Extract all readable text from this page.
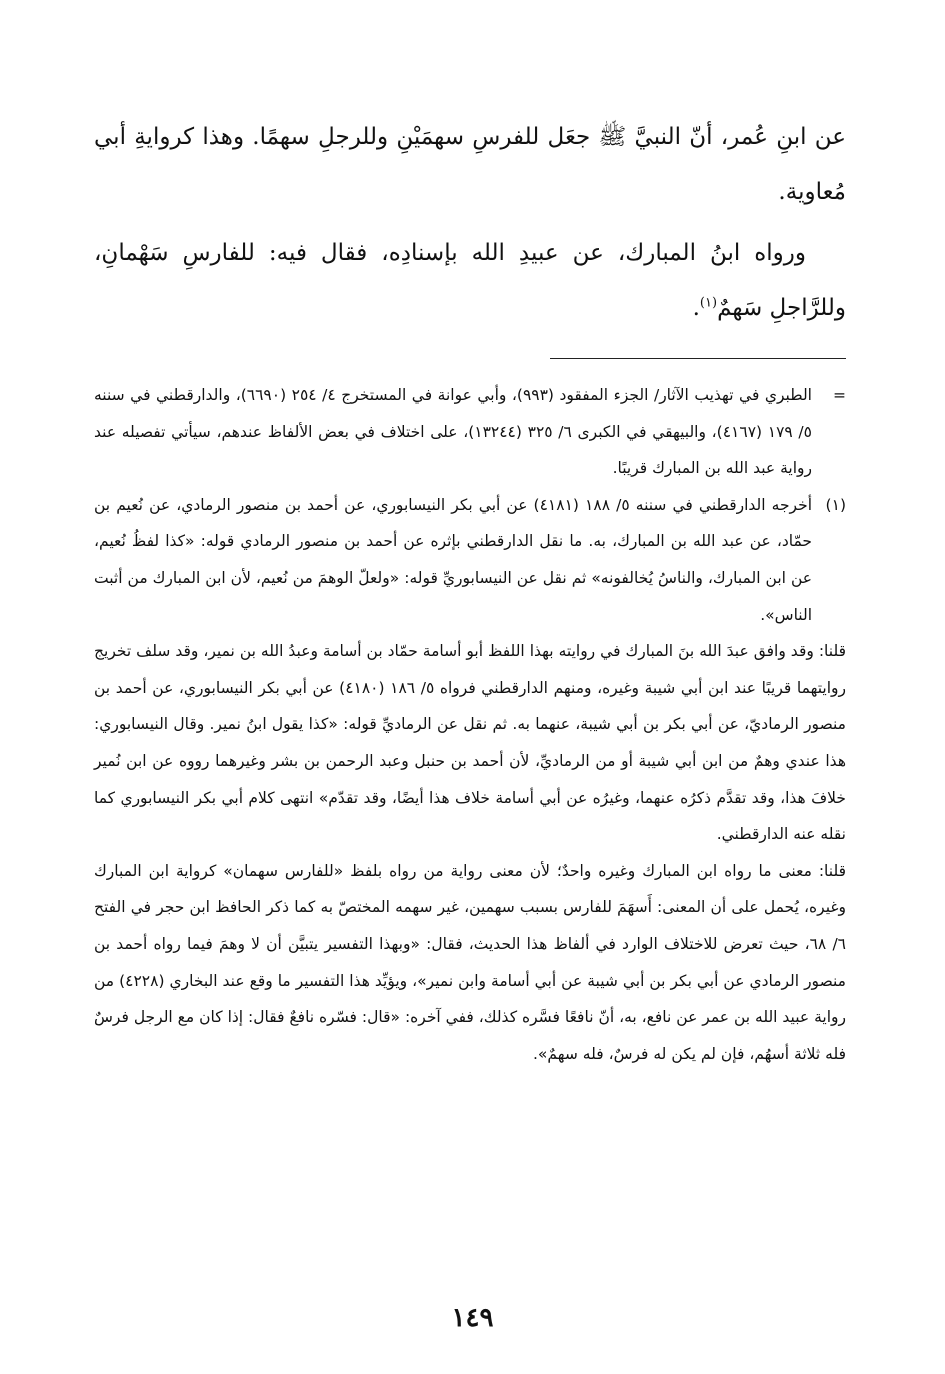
عن ابنِ عُمر، أنّ النبيَّ ﷺ جعَل للفرسِ سهمَيْنِ وللرجلِ سهمًا. وهذا كروايةِ أبي مُعاوية.

ورواه ابنُ المبارك، عن عبيدِ الله بإسنادِه، فقال فيه: للفارسِ سَهْمانِ، وللرَّاجلِ سَهمٌ$^{(١)}$.

=

الطبري في تهذيب الآثار/ الجزء المفقود (٩٩٣)، وأبي عوانة في المستخرج ٤/ ٢٥٤ (٦٦٩٠)، والدارقطني في سننه ٥/ ١٧٩ (٤١٦٧)، والبيهقي في الكبرى ٦/ ٣٢٥ (١٣٢٤٤)، على اختلاف في بعض الألفاظ عندهم، سيأتي تفصيله عند رواية عبد الله بن المبارك قريبًا.

(١)

أخرجه الدارقطني في سننه ٥/ ١٨٨ (٤١٨١) عن أبي بكر النيسابوري، عن أحمد بن منصور الرمادي، عن نُعيم بن حمّاد، عن عبد الله بن المبارك، به. ما نقل الدارقطني بإثره عن أحمد بن منصور الرمادي قوله: «كذا لفظُ نُعيم، عن ابن المبارك، والناسُ يُخالفونه» ثم نقل عن النيسابوريِّ قوله: «ولعلّ الوهمَ من نُعيم، لأن ابن المبارك من أثبت الناس».

قلنا: وقد وافق عبدَ الله بنَ المبارك في روايته بهذا اللفظ أبو أسامة حمّاد بن أسامة وعبدُ الله بن نمير، وقد سلف تخريج روايتهما قريبًا عند ابن أبي شيبة وغيره، ومنهم الدارقطني فرواه ٥/ ١٨٦ (٤١٨٠) عن أبي بكر النيسابوري، عن أحمد بن منصور الرماديّ، عن أبي بكر بن أبي شيبة، عنهما به. ثم نقل عن الرماديِّ قوله: «كذا يقول ابنُ نمير. وقال النيسابوري: هذا عندي وهمٌ من ابن أبي شيبة أو من الرماديِّ، لأن أحمد بن حنبل وعبد الرحمن بن بشر وغيرهما رووه عن ابن نُمير خلافَ هذا، وقد تقدَّم ذكرُه عنهما، وغيرُه عن أبي أسامة خلاف هذا أيضًا، وقد تقدّم» انتهى كلام أبي بكر النيسابوري كما نقله عنه الدارقطني.

قلنا: معنى ما رواه ابن المبارك وغيره واحدٌ؛ لأن معنى رواية من رواه بلفظ «للفارس سهمان» كرواية ابن المبارك وغيره، يُحمل على أن المعنى: أَسهَمَ للفارس بسبب سهمين، غير سهمه المختصّ به كما ذكر الحافظ ابن حجر في الفتح ٦/ ٦٨، حيث تعرض للاختلاف الوارد في ألفاظ هذا الحديث، فقال: «وبهذا التفسير يتبيَّن أن لا وهمَ فيما رواه أحمد بن منصور الرمادي عن أبي بكر بن أبي شيبة عن أبي أسامة وابن نمير»، ويؤيِّد هذا التفسير ما وقع عند البخاري (٤٢٢٨) من رواية عبيد الله بن عمر عن نافع، به، أنّ نافعًا فسَّره كذلك، ففي آخره: «قال: فسّره نافعٌ فقال: إذا كان مع الرجل فرسٌ فله ثلاثة أسهُم، فإن لم يكن له فرسٌ، فله سهمٌ».

١٤٩
